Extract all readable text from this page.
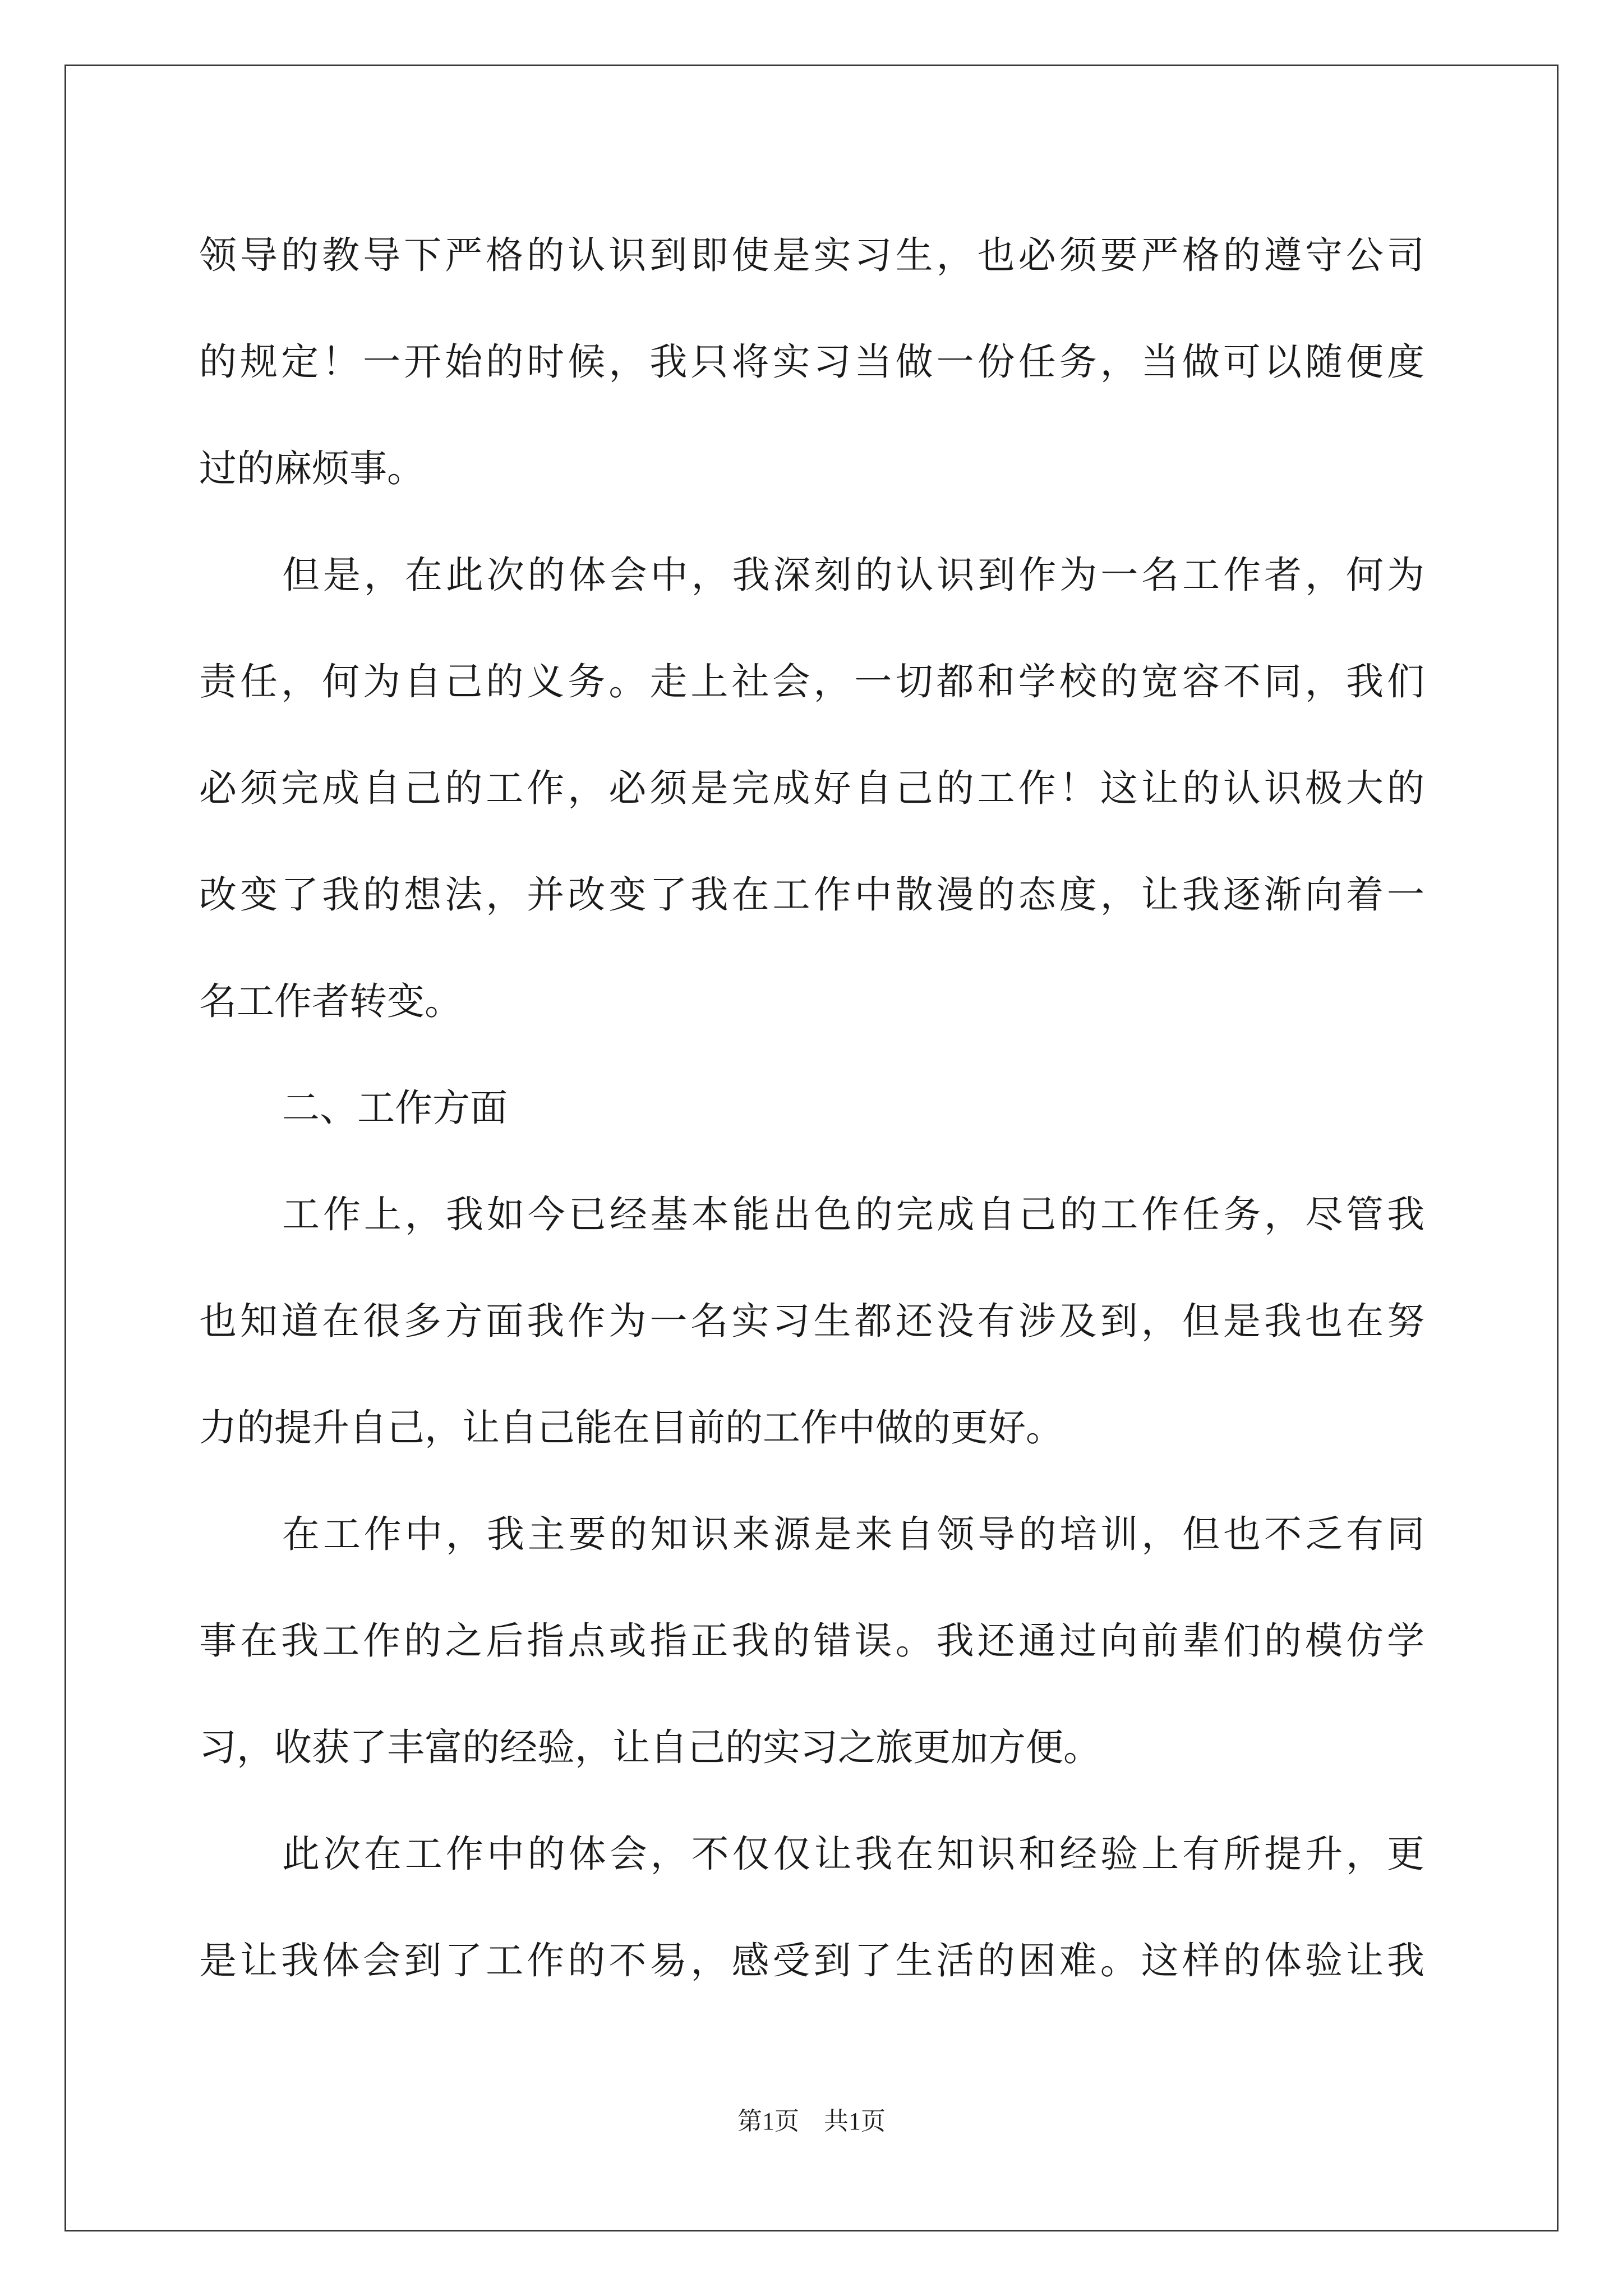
领导的教导下严格的认识到即使是实习生，也必须要严格的遵守公司
的规定！一开始的时候，我只将实习当做一份任务，当做可以随便度
过的麻烦事。
但是，在此次的体会中，我深刻的认识到作为一名工作者，何为
责任，何为自己的义务。走上社会，一切都和学校的宽容不同，我们
必须完成自己的工作，必须是完成好自己的工作！这让的认识极大的
改变了我的想法，并改变了我在工作中散漫的态度，让我逐渐向着一
名工作者转变。
二、工作方面
工作上，我如今已经基本能出色的完成自己的工作任务，尽管我
也知道在很多方面我作为一名实习生都还没有涉及到，但是我也在努
力的提升自己，让自己能在目前的工作中做的更好。
在工作中，我主要的知识来源是来自领导的培训，但也不乏有同
事在我工作的之后指点或指正我的错误。我还通过向前辈们的模仿学
习，收获了丰富的经验，让自己的实习之旅更加方便。
此次在工作中的体会，不仅仅让我在知识和经验上有所提升，更
是让我体会到了工作的不易，感受到了生活的困难。这样的体验让我
第1页　共1页
